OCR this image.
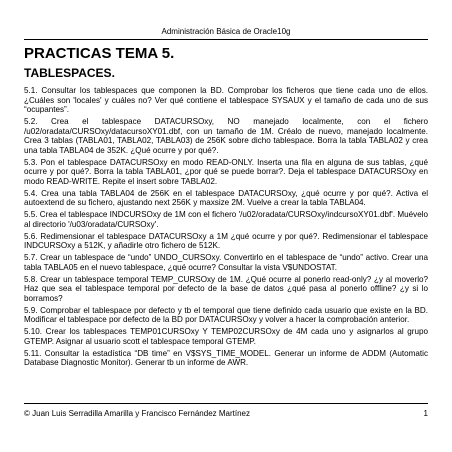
Administración Básica de Oracle10g
PRACTICAS TEMA 5.
TABLESPACES.

5.1. Consultar los tablespaces que componen la BD. Comprobar los ficheros que tiene cada uno de ellos. ¿Cuáles son 'locales' y cuáles no? Ver qué contiene el tablespace SYSAUX y el tamaño de cada uno de sus “ocupantes”.

5.2. Crea el tablespace DATACURSOxy, NO manejado localmente, con el fichero /u02/oradata/CURSOxy/datacursoXY01.dbf, con un tamaño de 1M. Créalo de nuevo, manejado localmente. Crea 3 tablas (TABLA01, TABLA02, TABLA03) de 256K sobre dicho tablespace. Borra la tabla TABLA02 y crea una tabla TABLA04 de 352K. ¿Qué ocurre y por qué?.

5.3. Pon el tablespace DATACURSOxy en modo READ-ONLY. Inserta una fila en alguna de sus tablas, ¿qué ocurre y por qué?. Borra la tabla TABLA01, ¿por qué se puede borrar?. Deja el tablespace DATACURSOxy en modo READ-WRITE. Repite el insert sobre TABLA02.

5.4. Crea una tabla TABLA04 de 256K en el tablespace DATACURSOxy, ¿qué ocurre y por qué?. Activa el autoextend de su fichero, ajustando next 256K y maxsize 2M. Vuelve a crear la tabla TABLA04.

5.5. Crea el tablespace INDCURSOxy de 1M con el fichero '/u02/oradata/CURSOxy/indcursoXY01.dbf'. Muévelo al directorio '/u03/oradata/CURSOxy'.

5.6. Redimensionar el tablespace DATACURSOxy a 1M ¿qué ocurre y por qué?. Redimensionar el tablespace INDCURSOxy a 512K, y añadirle otro fichero de 512K.

5.7. Crear un tablespace de “undo” UNDO_CURSOxy. Convertirlo en el tablespace de “undo” activo. Crear una tabla TABLA05 en el nuevo tablespace, ¿qué ocurre? Consultar la vista V$UNDOSTAT.

5.8. Crear un tablespace temporal TEMP_CURSOxy de 1M. ¿Qué ocurre al ponerlo read-only? ¿y al moverlo? Haz que sea el tablespace temporal por defecto de la base de datos ¿qué pasa al ponerlo offline? ¿y si lo borramos?

5.9. Comprobar el tablespace por defecto y tb el temporal que tiene definido cada usuario que existe en la BD. Modificar el tablespace por defecto de la BD por DATACURSOxy y volver a hacer la comprobación anterior.

5.10. Crear los tablespaces TEMP01CURSOxy Y TEMP02CURSOxy de 4M cada uno y asignarlos al grupo GTEMP. Asignar al usuario scott el tablespace temporal GTEMP.

5.11. Consultar la estadística “DB time” en V$SYS_TIME_MODEL. Generar un informe de ADDM (Automatic Database Diagnostic Monitor). Generar tb un informe de AWR.

© Juan Luis Serradilla Amarilla y Francisco Fernández Martínez	1
